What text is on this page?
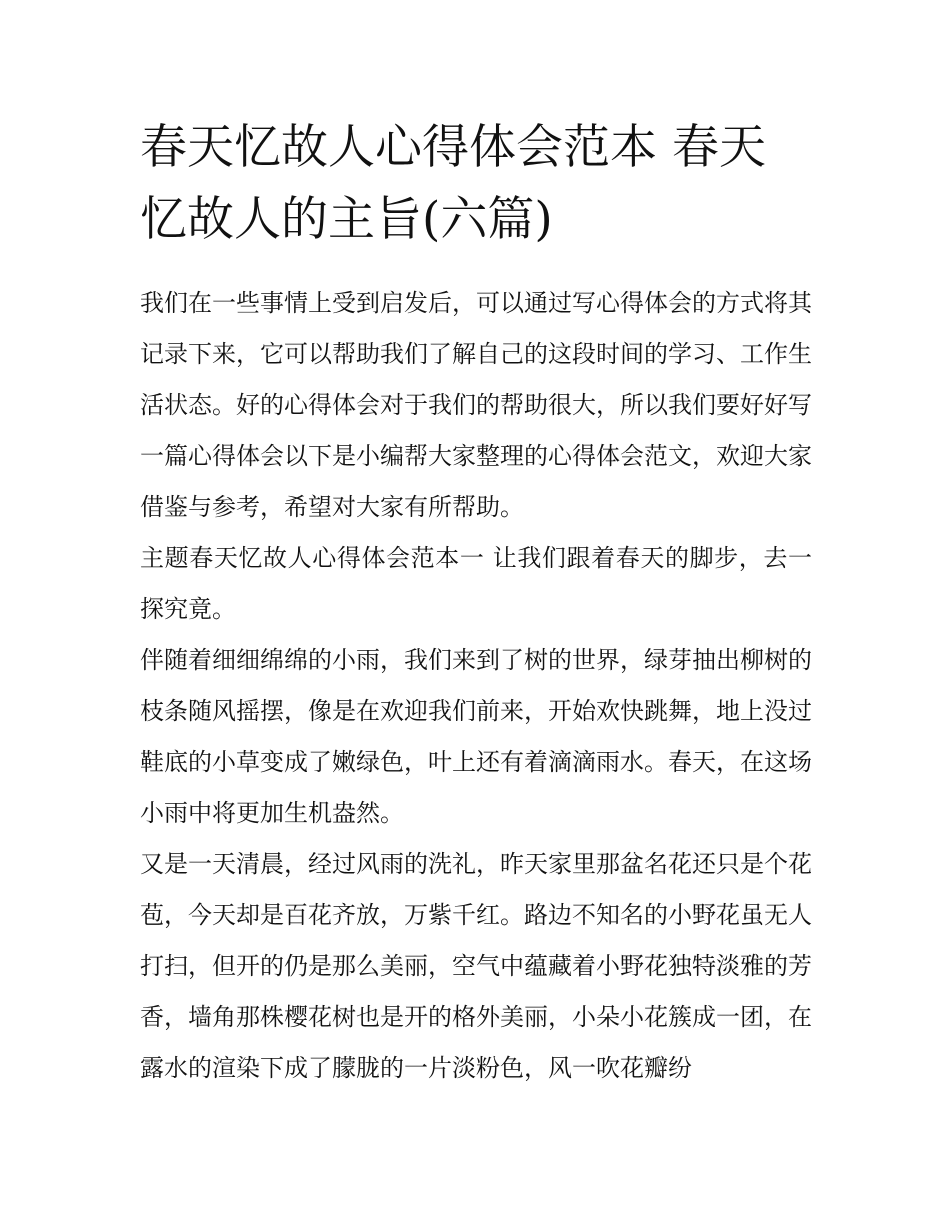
春天忆故人心得体会范本 春天忆故人的主旨(六篇)

我们在一些事情上受到启发后，可以通过写心得体会的方式将其记录下来，它可以帮助我们了解自己的这段时间的学习、工作生活状态。好的心得体会对于我们的帮助很大，所以我们要好好写一篇心得体会以下是小编帮大家整理的心得体会范文，欢迎大家借鉴与参考，希望对大家有所帮助。

主题春天忆故人心得体会范本一 让我们跟着春天的脚步，去一探究竟。

伴随着细细绵绵的小雨，我们来到了树的世界，绿芽抽出柳树的枝条随风摇摆，像是在欢迎我们前来，开始欢快跳舞，地上没过鞋底的小草变成了嫩绿色，叶上还有着滴滴雨水。春天，在这场小雨中将更加生机盎然。

又是一天清晨，经过风雨的洗礼，昨天家里那盆名花还只是个花苞，今天却是百花齐放，万紫千红。路边不知名的小野花虽无人打扫，但开的仍是那么美丽，空气中蕴藏着小野花独特淡雅的芳香，墙角那株樱花树也是开的格外美丽，小朵小花簇成一团，在露水的渲染下成了朦胧的一片淡粉色，风一吹花瓣纷
